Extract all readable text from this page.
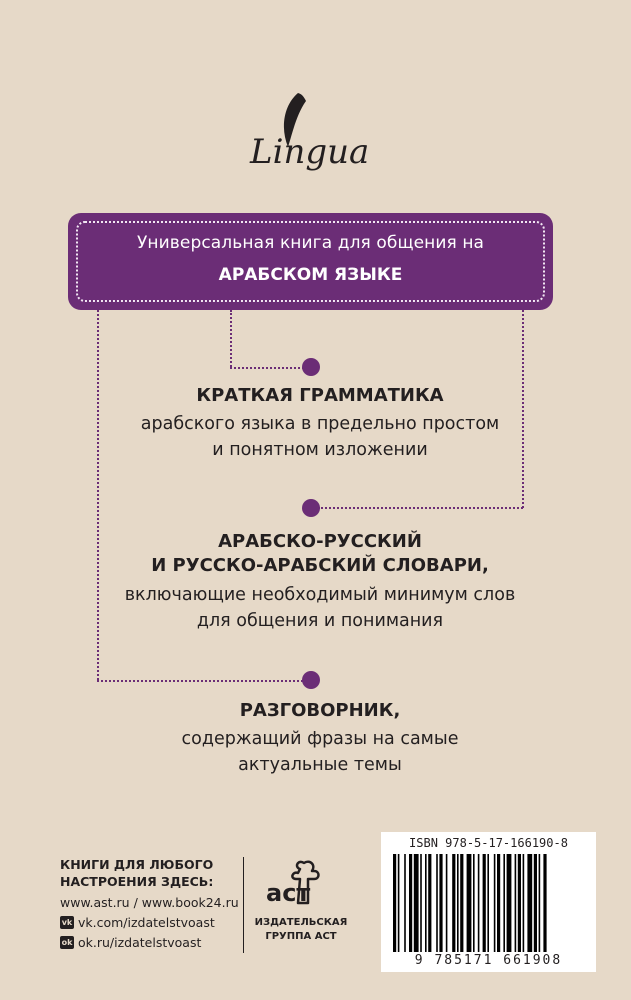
Lingua
Универсальная книга для общения на
АРАБСКОМ ЯЗЫКЕ
КРАТКАЯ ГРАММАТИКА
арабского языка в предельно простом
и понятном изложении
АРАБСКО-РУССКИЙ
И РУССКО-АРАБСКИЙ СЛОВАРИ,
включающие необходимый минимум слов
для общения и понимания
РАЗГОВОРНИК,
содержащий фразы на самые
актуальные темы
КНИГИ ДЛЯ ЛЮБОГО
НАСТРОЕНИЯ ЗДЕСЬ:
www.ast.ru / www.book24.ru
vk vk.com/izdatelstvoast
ok ok.ru/izdatelstvoast
аст
ИЗДАТЕЛЬСКАЯ
ГРУППА АСТ
ISBN 978-5-17-166190-8
9 785171 661908
